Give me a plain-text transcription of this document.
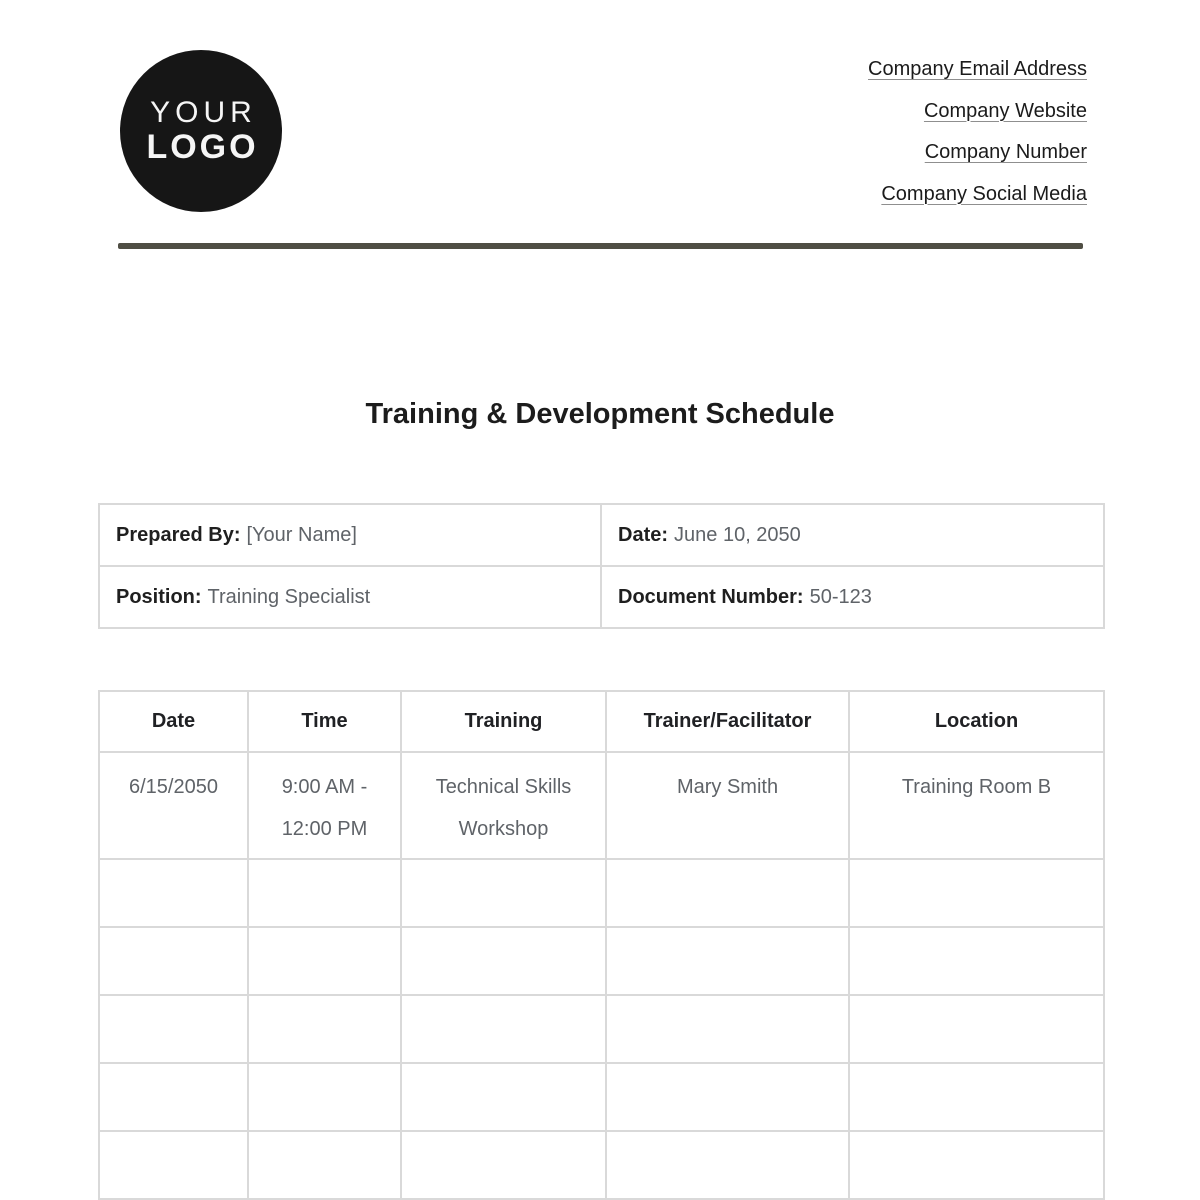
YOUR
LOGO
Company Email Address
Company Website
Company Number
Company Social Media
Training & Development Schedule
Prepared By: [Your Name]	Date: June 10, 2050
Position: Training Specialist	Document Number: 50-123
Date	Time	Training	Trainer/Facilitator	Location
6/15/2050	9:00 AM - 12:00 PM	Technical Skills Workshop	Mary Smith	Training Room B
